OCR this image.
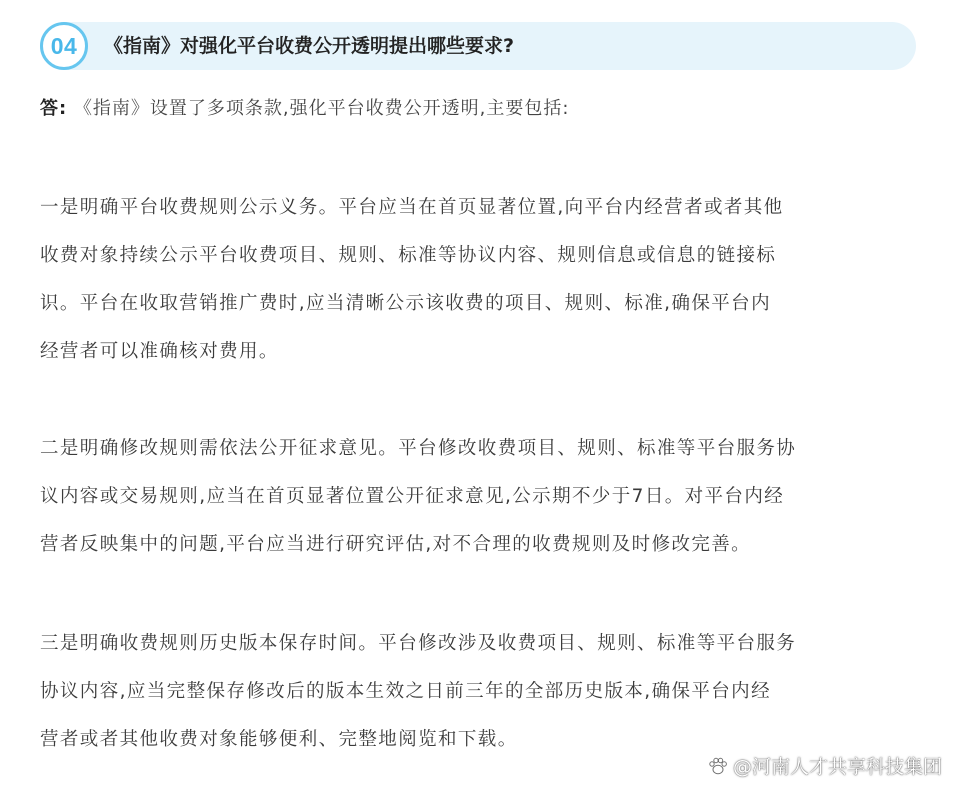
04	《指南》对强化平台收费公开透明提出哪些要求?
答: 《指南》设置了多项条款,强化平台收费公开透明,主要包括:
一是明确平台收费规则公示义务。平台应当在首页显著位置,向平台内经营者或者其他
收费对象持续公示平台收费项目、规则、标准等协议内容、规则信息或信息的链接标
识。平台在收取营销推广费时,应当清晰公示该收费的项目、规则、标准,确保平台内
经营者可以准确核对费用。
二是明确修改规则需依法公开征求意见。平台修改收费项目、规则、标准等平台服务协
议内容或交易规则,应当在首页显著位置公开征求意见,公示期不少于7日。对平台内经
营者反映集中的问题,平台应当进行研究评估,对不合理的收费规则及时修改完善。
三是明确收费规则历史版本保存时间。平台修改涉及收费项目、规则、标准等平台服务
协议内容,应当完整保存修改后的版本生效之日前三年的全部历史版本,确保平台内经
营者或者其他收费对象能够便利、完整地阅览和下载。
@河南人才共享科技集团
